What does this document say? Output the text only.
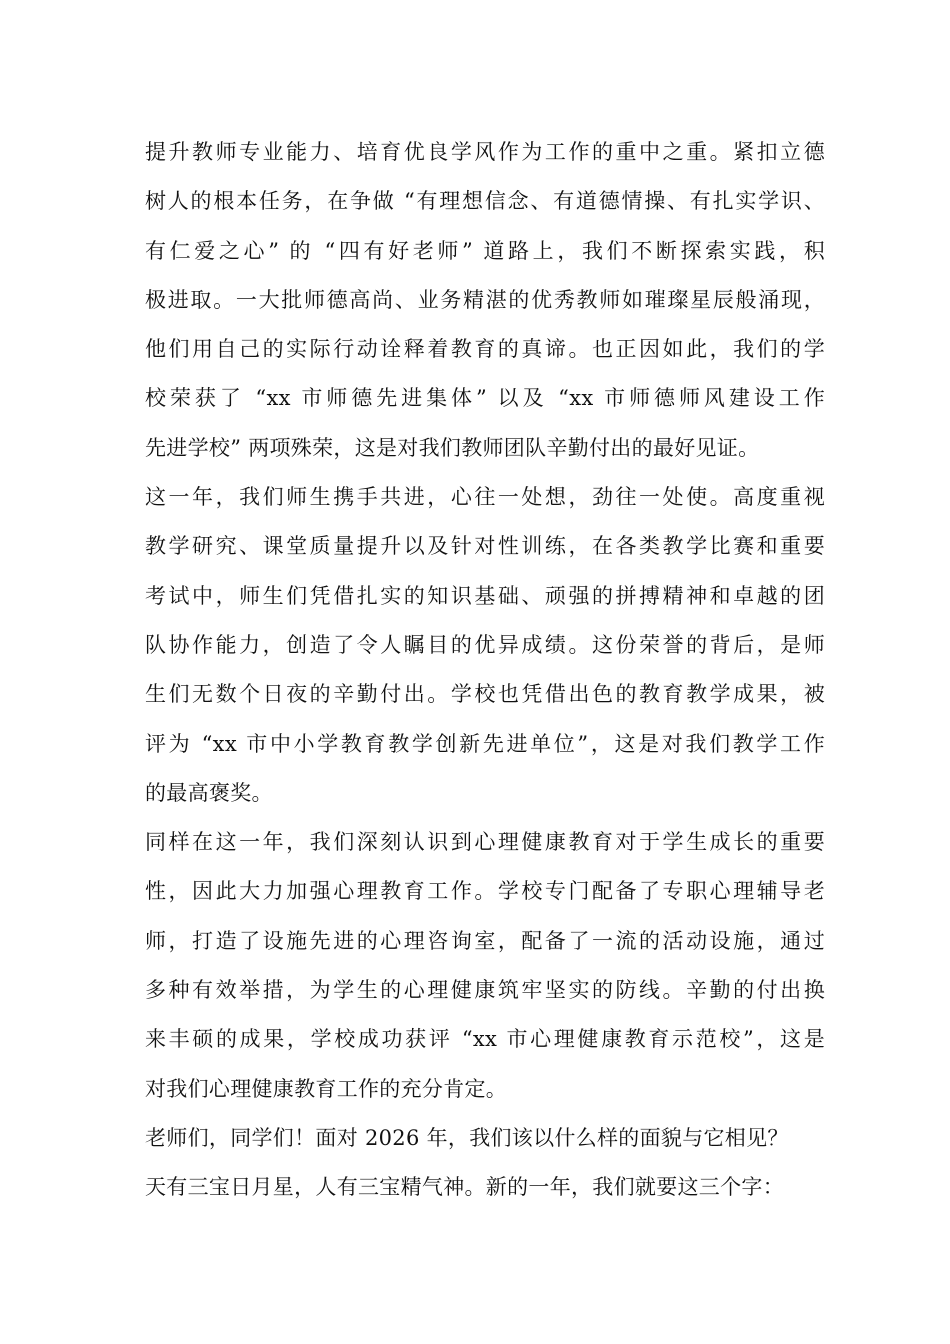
提升教师专业能力、培育优良学风作为工作的重中之重。紧扣立德
树人的根本任务，在争做 “有理想信念、有道德情操、有扎实学识、
有仁爱之心” 的 “四有好老师” 道路上，我们不断探索实践，积
极进取。一大批师德高尚、业务精湛的优秀教师如璀璨星辰般涌现，
他们用自己的实际行动诠释着教育的真谛。也正因如此，我们的学
校荣获了 “xx 市师德先进集体” 以及 “xx 市师德师风建设工作
先进学校” 两项殊荣，这是对我们教师团队辛勤付出的最好见证。
这一年，我们师生携手共进，心往一处想，劲往一处使。高度重视
教学研究、课堂质量提升以及针对性训练，在各类教学比赛和重要
考试中，师生们凭借扎实的知识基础、顽强的拼搏精神和卓越的团
队协作能力，创造了令人瞩目的优异成绩。这份荣誉的背后，是师
生们无数个日夜的辛勤付出。学校也凭借出色的教育教学成果，被
评为 “xx 市中小学教育教学创新先进单位”，这是对我们教学工作
的最高褒奖。
同样在这一年，我们深刻认识到心理健康教育对于学生成长的重要
性，因此大力加强心理教育工作。学校专门配备了专职心理辅导老
师，打造了设施先进的心理咨询室，配备了一流的活动设施，通过
多种有效举措，为学生的心理健康筑牢坚实的防线。辛勤的付出换
来丰硕的成果，学校成功获评 “xx 市心理健康教育示范校”，这是
对我们心理健康教育工作的充分肯定。
老师们，同学们！面对 2026 年，我们该以什么样的面貌与它相见？
天有三宝日月星，人有三宝精气神。新的一年，我们就要这三个字：
